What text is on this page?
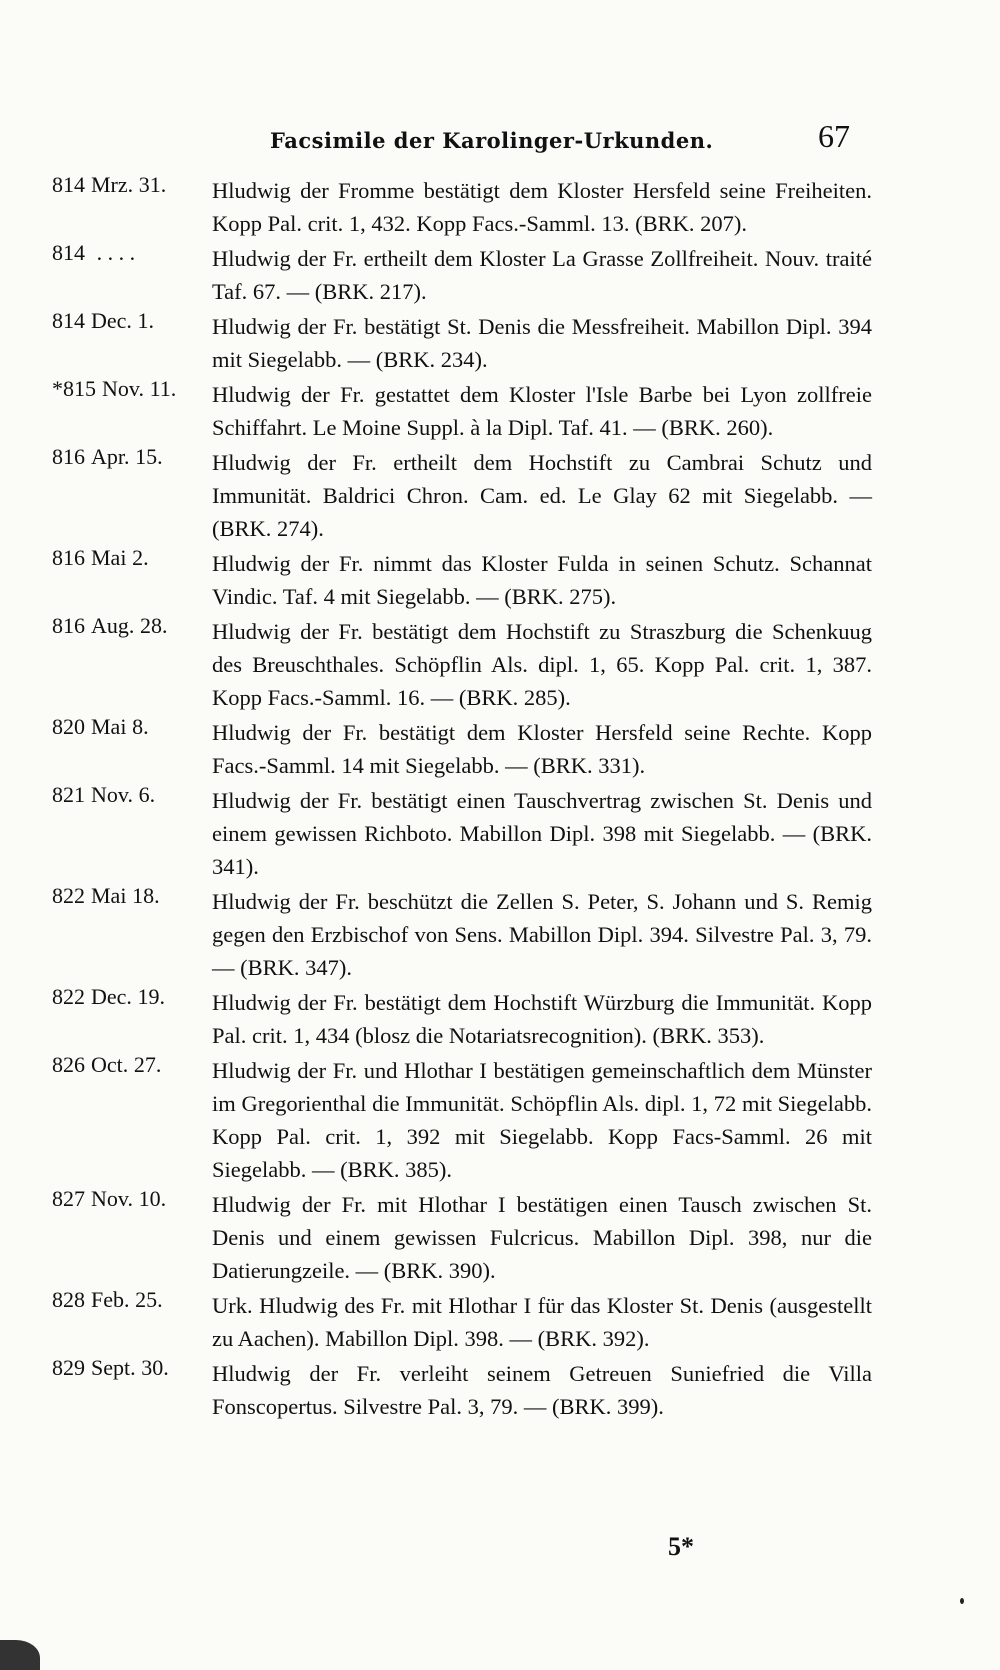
Facsimile der Karolinger-Urkunden.	67
814 Mrz. 31.	Hludwig der Fromme bestätigt dem Kloster Hersfeld seine Freiheiten. Kopp Pal. crit. 1, 432. Kopp Facs.-Samml. 13. (BRK. 207).
814 . . . .	Hludwig der Fr. ertheilt dem Kloster La Grasse Zollfreiheit. Nouv. traité Taf. 67. — (BRK. 217).
814 Dec. 1.	Hludwig der Fr. bestätigt St. Denis die Messfreiheit. Mabillon Dipl. 394 mit Siegelabb. — (BRK. 234).
*815 Nov. 11.	Hludwig der Fr. gestattet dem Kloster l'Isle Barbe bei Lyon zollfreie Schiffahrt. Le Moine Suppl. à la Dipl. Taf. 41. — (BRK. 260).
816 Apr. 15.	Hludwig der Fr. ertheilt dem Hochstift zu Cambrai Schutz und Immunität. Baldrici Chron. Cam. ed. Le Glay 62 mit Siegelabb. — (BRK. 274).
816 Mai 2.	Hludwig der Fr. nimmt das Kloster Fulda in seinen Schutz. Schannat Vindic. Taf. 4 mit Siegelabb. — (BRK. 275).
816 Aug. 28.	Hludwig der Fr. bestätigt dem Hochstift zu Straszburg die Schenkuug des Breuschthales. Schöpflin Als. dipl. 1, 65. Kopp Pal. crit. 1, 387. Kopp Facs.-Samml. 16. — (BRK. 285).
820 Mai 8.	Hludwig der Fr. bestätigt dem Kloster Hersfeld seine Rechte. Kopp Facs.-Samml. 14 mit Siegelabb. — (BRK. 331).
821 Nov. 6.	Hludwig der Fr. bestätigt einen Tauschvertrag zwischen St. Denis und einem gewissen Richboto. Mabillon Dipl. 398 mit Siegelabb. — (BRK. 341).
822 Mai 18.	Hludwig der Fr. beschützt die Zellen S. Peter, S. Johann und S. Remig gegen den Erzbischof von Sens. Mabillon Dipl. 394. Silvestre Pal. 3, 79. — (BRK. 347).
822 Dec. 19.	Hludwig der Fr. bestätigt dem Hochstift Würzburg die Immunität. Kopp Pal. crit. 1, 434 (blosz die Notariatsrecognition). (BRK. 353).
826 Oct. 27.	Hludwig der Fr. und Hlothar I bestätigen gemeinschaftlich dem Münster im Gregorienthal die Immunität. Schöpflin Als. dipl. 1, 72 mit Siegelabb. Kopp Pal. crit. 1, 392 mit Siegelabb. Kopp Facs-Samml. 26 mit Siegelabb. — (BRK. 385).
827 Nov. 10.	Hludwig der Fr. mit Hlothar I bestätigen einen Tausch zwischen St. Denis und einem gewissen Fulcricus. Mabillon Dipl. 398, nur die Datierungzeile. — (BRK. 390).
828 Feb. 25.	Urk. Hludwig des Fr. mit Hlothar I für das Kloster St. Denis (ausgestellt zu Aachen). Mabillon Dipl. 398. — (BRK. 392).
829 Sept. 30.	Hludwig der Fr. verleiht seinem Getreuen Suniefried die Villa Fonscopertus. Silvestre Pal. 3, 79. — (BRK. 399).
5*
